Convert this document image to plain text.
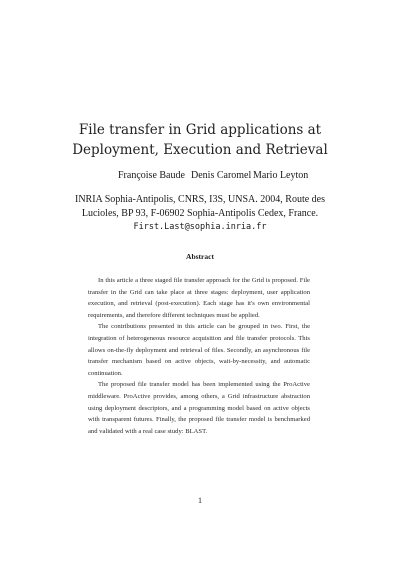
File transfer in Grid applications at
Deployment, Execution and Retrieval
Françoise Baude Denis Caromel Mario Leyton
INRIA Sophia-Antipolis, CNRS, I3S, UNSA. 2004, Route des
Lucioles, BP 93, F-06902 Sophia-Antipolis Cedex, France.
First.Last@sophia.inria.fr
Abstract

In this article a three staged file transfer approach for the Grid is proposed. File transfer in the Grid can take place at three stages: deployment, user application execution, and retrieval (post-execution). Each stage has it's own environmental requirements, and therefore different techniques must be applied.

The contributions presented in this article can be grouped in two. First, the integration of heterogeneous resource acquisition and file transfer protocols. This allows on-the-fly deployment and retrieval of files. Secondly, an asynchronous file transfer mechanism based on active objects, wait-by-necessity, and automatic continuation.

The proposed file transfer model has been implemented using the ProActive middleware. ProActive provides, among others, a Grid infrastructure abstraction using deployment descriptors, and a programming model based on active objects with transparent futures. Finally, the proposed file transfer model is benchmarked and validated with a real case study: BLAST.

1
